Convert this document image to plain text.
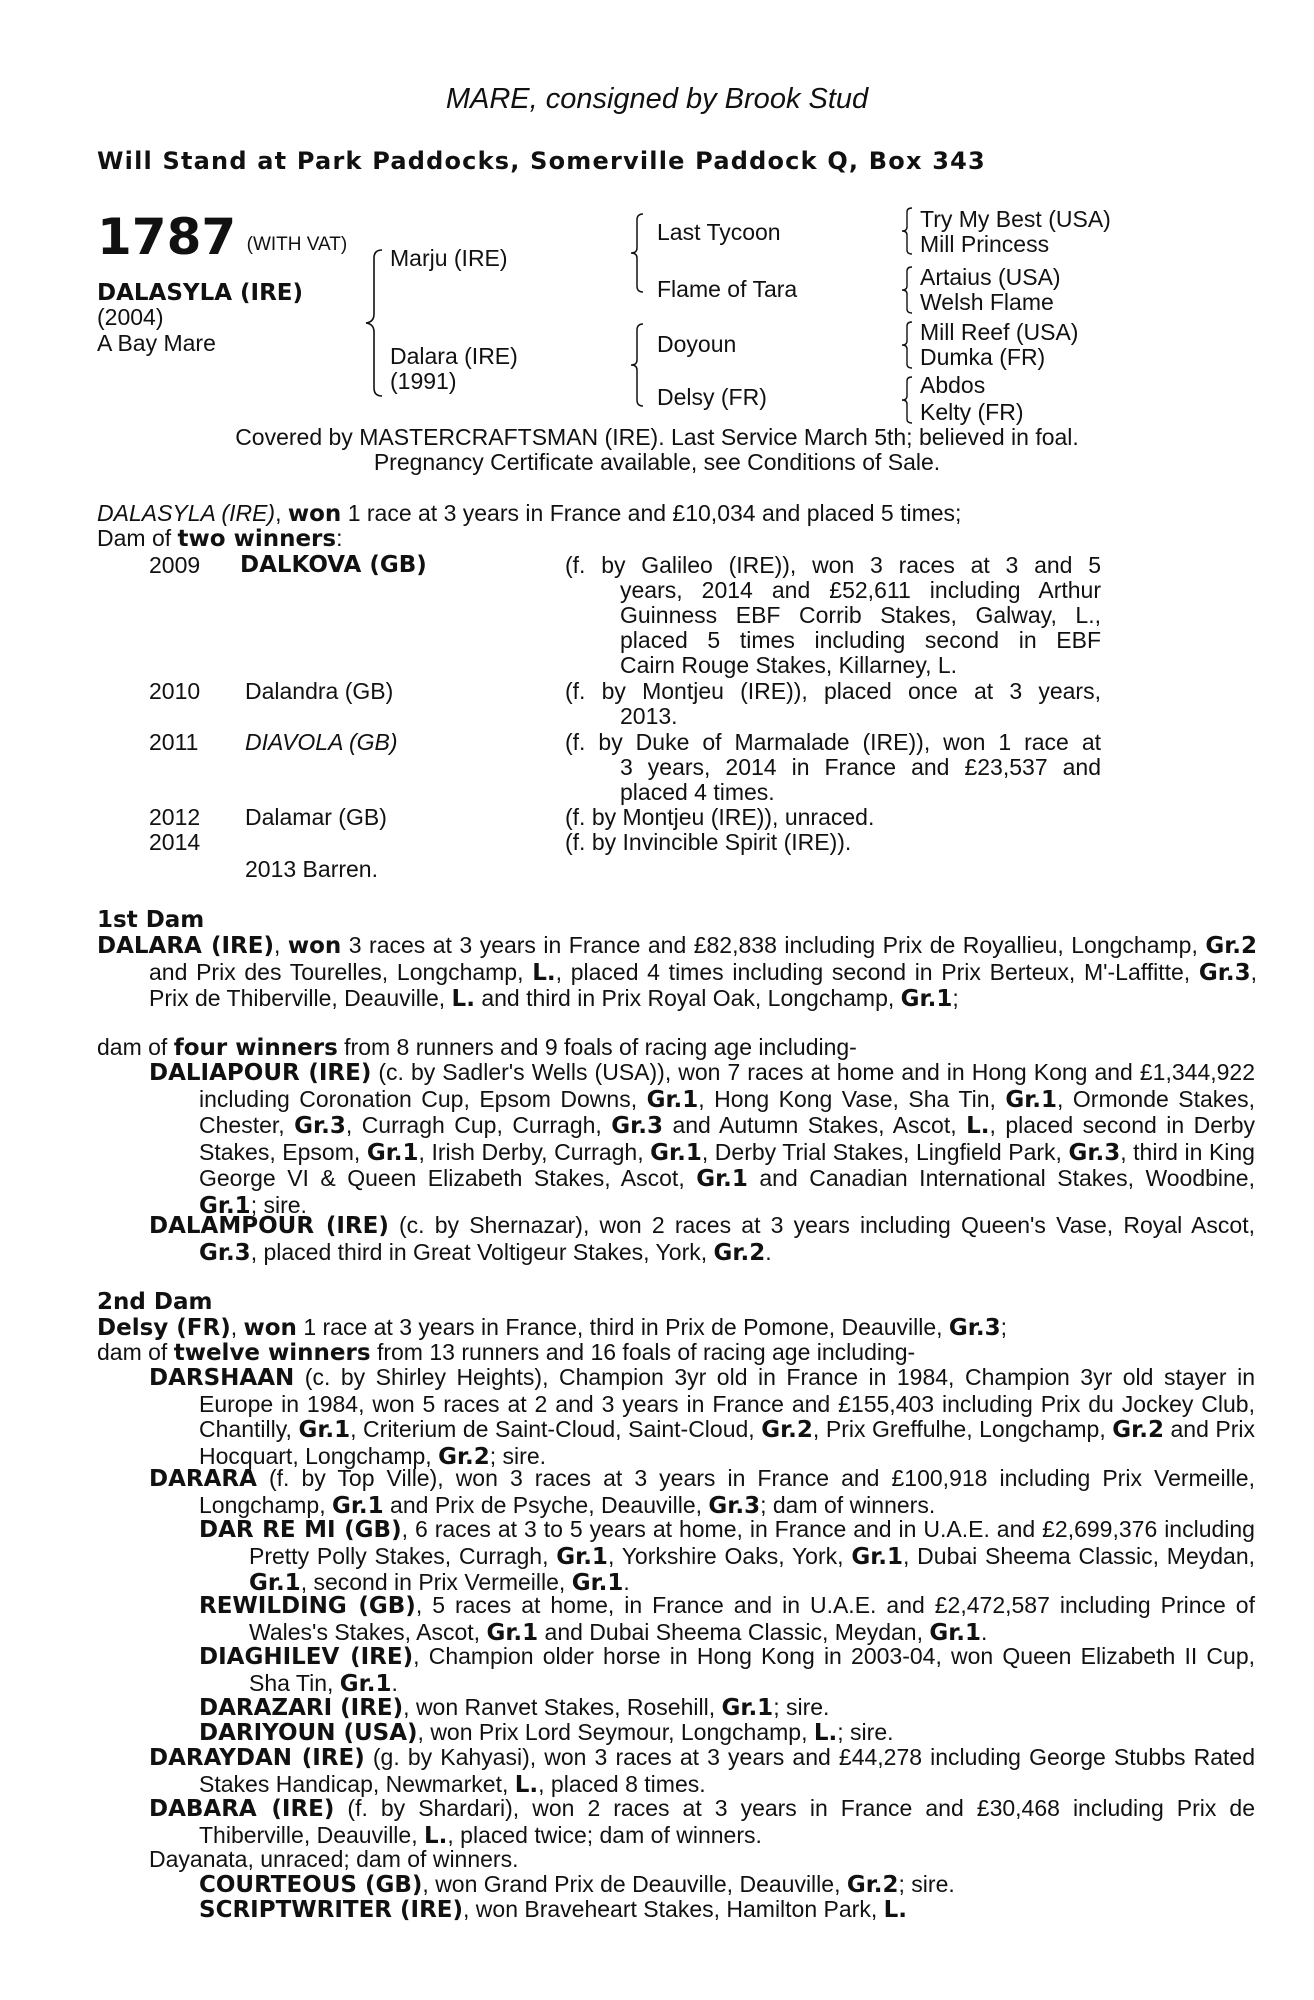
MARE, consigned by Brook Stud
Will Stand at Park Paddocks, Somerville Paddock Q, Box 343
1787 (WITH VAT)
DALASYLA (IRE)
(2004)
A Bay Mare
Marju (IRE)
Dalara (IRE)
(1991)
Last Tycoon
Flame of Tara
Doyoun
Delsy (FR)
Try My Best (USA)
Mill Princess
Artaius (USA)
Welsh Flame
Mill Reef (USA)
Dumka (FR)
Abdos
Kelty (FR)
Covered by MASTERCRAFTSMAN (IRE). Last Service March 5th; believed in foal.
Pregnancy Certificate available, see Conditions of Sale.
DALASYLA (IRE), won 1 race at 3 years in France and £10,034 and placed 5 times;
Dam of two winners:
2009 DALKOVA (GB)	(f. by Galileo (IRE)), won 3 races at 3 and 5
years, 2014 and £52,611 including Arthur
Guinness EBF Corrib Stakes, Galway, L.,
placed 5 times including second in EBF
Cairn Rouge Stakes, Killarney, L.
2010 Dalandra (GB)	(f. by Montjeu (IRE)), placed once at 3 years,
2013.
2011 DIAVOLA (GB)	(f. by Duke of Marmalade (IRE)), won 1 race at
3 years, 2014 in France and £23,537 and
placed 4 times.
2012 Dalamar (GB)	(f. by Montjeu (IRE)), unraced.
2014	(f. by Invincible Spirit (IRE)).
2013 Barren.
1st Dam
DALARA (IRE), won 3 races at 3 years in France and £82,838 including Prix de Royallieu, Longchamp, Gr.2 and Prix des Tourelles, Longchamp, L., placed 4 times including second in Prix Berteux, M'-Laffitte, Gr.3, Prix de Thiberville, Deauville, L. and third in Prix Royal Oak, Longchamp, Gr.1;
dam of four winners from 8 runners and 9 foals of racing age including-
DALIAPOUR (IRE) (c. by Sadler's Wells (USA)), won 7 races at home and in Hong Kong and £1,344,922 including Coronation Cup, Epsom Downs, Gr.1, Hong Kong Vase, Sha Tin, Gr.1, Ormonde Stakes, Chester, Gr.3, Curragh Cup, Curragh, Gr.3 and Autumn Stakes, Ascot, L., placed second in Derby Stakes, Epsom, Gr.1, Irish Derby, Curragh, Gr.1, Derby Trial Stakes, Lingfield Park, Gr.3, third in King George VI & Queen Elizabeth Stakes, Ascot, Gr.1 and Canadian International Stakes, Woodbine, Gr.1; sire.
DALAMPOUR (IRE) (c. by Shernazar), won 2 races at 3 years including Queen's Vase, Royal Ascot, Gr.3, placed third in Great Voltigeur Stakes, York, Gr.2.
2nd Dam
Delsy (FR), won 1 race at 3 years in France, third in Prix de Pomone, Deauville, Gr.3;
dam of twelve winners from 13 runners and 16 foals of racing age including-
DARSHAAN (c. by Shirley Heights), Champion 3yr old in France in 1984, Champion 3yr old stayer in Europe in 1984, won 5 races at 2 and 3 years in France and £155,403 including Prix du Jockey Club, Chantilly, Gr.1, Criterium de Saint-Cloud, Saint-Cloud, Gr.2, Prix Greffulhe, Longchamp, Gr.2 and Prix Hocquart, Longchamp, Gr.2; sire.
DARARA (f. by Top Ville), won 3 races at 3 years in France and £100,918 including Prix Vermeille, Longchamp, Gr.1 and Prix de Psyche, Deauville, Gr.3; dam of winners.
DAR RE MI (GB), 6 races at 3 to 5 years at home, in France and in U.A.E. and £2,699,376 including Pretty Polly Stakes, Curragh, Gr.1, Yorkshire Oaks, York, Gr.1, Dubai Sheema Classic, Meydan, Gr.1, second in Prix Vermeille, Gr.1.
REWILDING (GB), 5 races at home, in France and in U.A.E. and £2,472,587 including Prince of Wales's Stakes, Ascot, Gr.1 and Dubai Sheema Classic, Meydan, Gr.1.
DIAGHILEV (IRE), Champion older horse in Hong Kong in 2003-04, won Queen Elizabeth II Cup, Sha Tin, Gr.1.
DARAZARI (IRE), won Ranvet Stakes, Rosehill, Gr.1; sire.
DARIYOUN (USA), won Prix Lord Seymour, Longchamp, L.; sire.
DARAYDAN (IRE) (g. by Kahyasi), won 3 races at 3 years and £44,278 including George Stubbs Rated Stakes Handicap, Newmarket, L., placed 8 times.
DABARA (IRE) (f. by Shardari), won 2 races at 3 years in France and £30,468 including Prix de Thiberville, Deauville, L., placed twice; dam of winners.
Dayanata, unraced; dam of winners.
COURTEOUS (GB), won Grand Prix de Deauville, Deauville, Gr.2; sire.
SCRIPTWRITER (IRE), won Braveheart Stakes, Hamilton Park, L.
